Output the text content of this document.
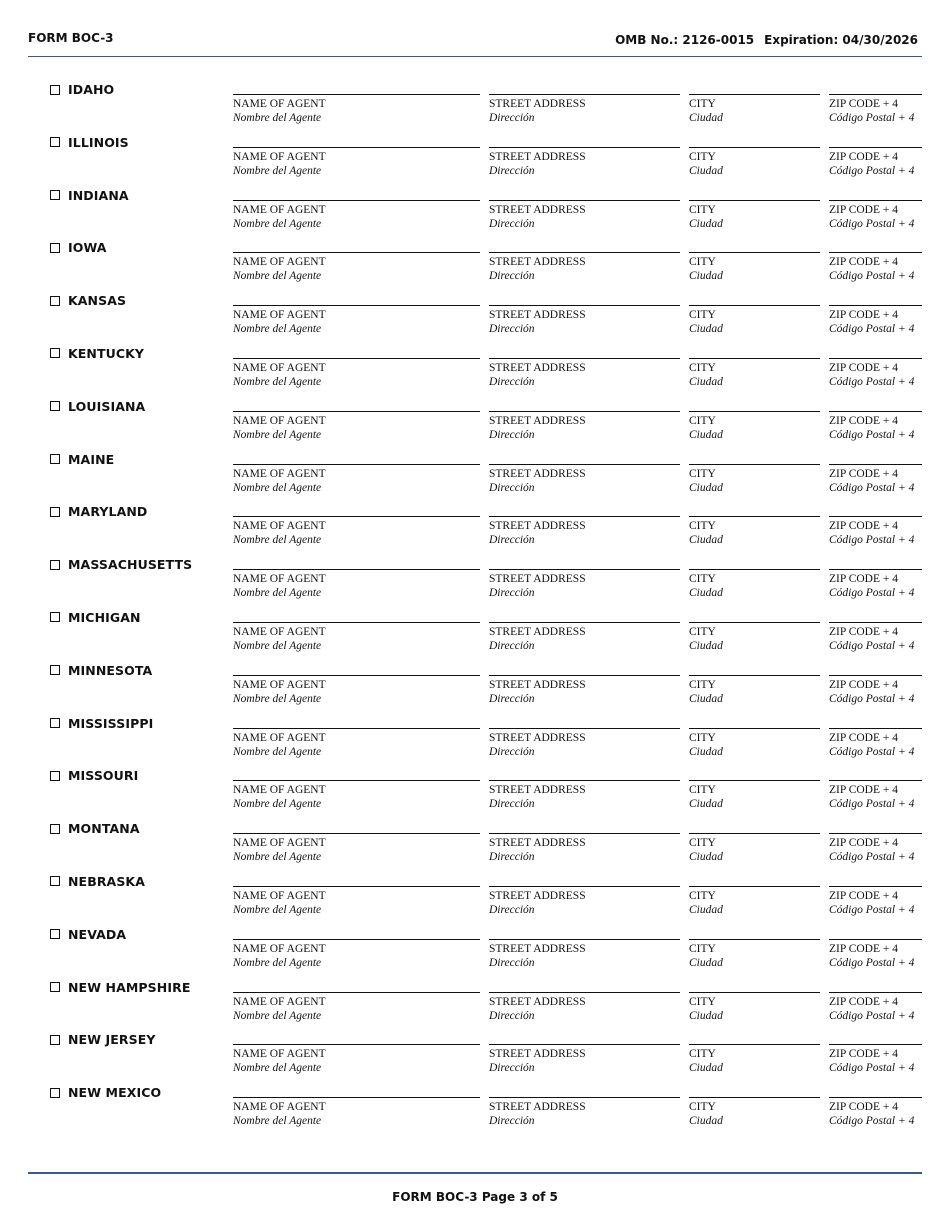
FORM BOC-3	OMB No.: 2126-0015 Expiration: 04/30/2026
IDAHO
NAME OF AGENT
Nombre del Agente
STREET ADDRESS
Dirección
CITY
Ciudad
ZIP CODE + 4
Código Postal + 4
ILLINOIS
NAME OF AGENT
Nombre del Agente
STREET ADDRESS
Dirección
CITY
Ciudad
ZIP CODE + 4
Código Postal + 4
INDIANA
NAME OF AGENT
Nombre del Agente
STREET ADDRESS
Dirección
CITY
Ciudad
ZIP CODE + 4
Código Postal + 4
IOWA
NAME OF AGENT
Nombre del Agente
STREET ADDRESS
Dirección
CITY
Ciudad
ZIP CODE + 4
Código Postal + 4
KANSAS
NAME OF AGENT
Nombre del Agente
STREET ADDRESS
Dirección
CITY
Ciudad
ZIP CODE + 4
Código Postal + 4
KENTUCKY
NAME OF AGENT
Nombre del Agente
STREET ADDRESS
Dirección
CITY
Ciudad
ZIP CODE + 4
Código Postal + 4
LOUISIANA
NAME OF AGENT
Nombre del Agente
STREET ADDRESS
Dirección
CITY
Ciudad
ZIP CODE + 4
Código Postal + 4
MAINE
NAME OF AGENT
Nombre del Agente
STREET ADDRESS
Dirección
CITY
Ciudad
ZIP CODE + 4
Código Postal + 4
MARYLAND
NAME OF AGENT
Nombre del Agente
STREET ADDRESS
Dirección
CITY
Ciudad
ZIP CODE + 4
Código Postal + 4
MASSACHUSETTS
NAME OF AGENT
Nombre del Agente
STREET ADDRESS
Dirección
CITY
Ciudad
ZIP CODE + 4
Código Postal + 4
MICHIGAN
NAME OF AGENT
Nombre del Agente
STREET ADDRESS
Dirección
CITY
Ciudad
ZIP CODE + 4
Código Postal + 4
MINNESOTA
NAME OF AGENT
Nombre del Agente
STREET ADDRESS
Dirección
CITY
Ciudad
ZIP CODE + 4
Código Postal + 4
MISSISSIPPI
NAME OF AGENT
Nombre del Agente
STREET ADDRESS
Dirección
CITY
Ciudad
ZIP CODE + 4
Código Postal + 4
MISSOURI
NAME OF AGENT
Nombre del Agente
STREET ADDRESS
Dirección
CITY
Ciudad
ZIP CODE + 4
Código Postal + 4
MONTANA
NAME OF AGENT
Nombre del Agente
STREET ADDRESS
Dirección
CITY
Ciudad
ZIP CODE + 4
Código Postal + 4
NEBRASKA
NAME OF AGENT
Nombre del Agente
STREET ADDRESS
Dirección
CITY
Ciudad
ZIP CODE + 4
Código Postal + 4
NEVADA
NAME OF AGENT
Nombre del Agente
STREET ADDRESS
Dirección
CITY
Ciudad
ZIP CODE + 4
Código Postal + 4
NEW HAMPSHIRE
NAME OF AGENT
Nombre del Agente
STREET ADDRESS
Dirección
CITY
Ciudad
ZIP CODE + 4
Código Postal + 4
NEW JERSEY
NAME OF AGENT
Nombre del Agente
STREET ADDRESS
Dirección
CITY
Ciudad
ZIP CODE + 4
Código Postal + 4
NEW MEXICO
NAME OF AGENT
Nombre del Agente
STREET ADDRESS
Dirección
CITY
Ciudad
ZIP CODE + 4
Código Postal + 4
FORM BOC-3 Page 3 of 5
